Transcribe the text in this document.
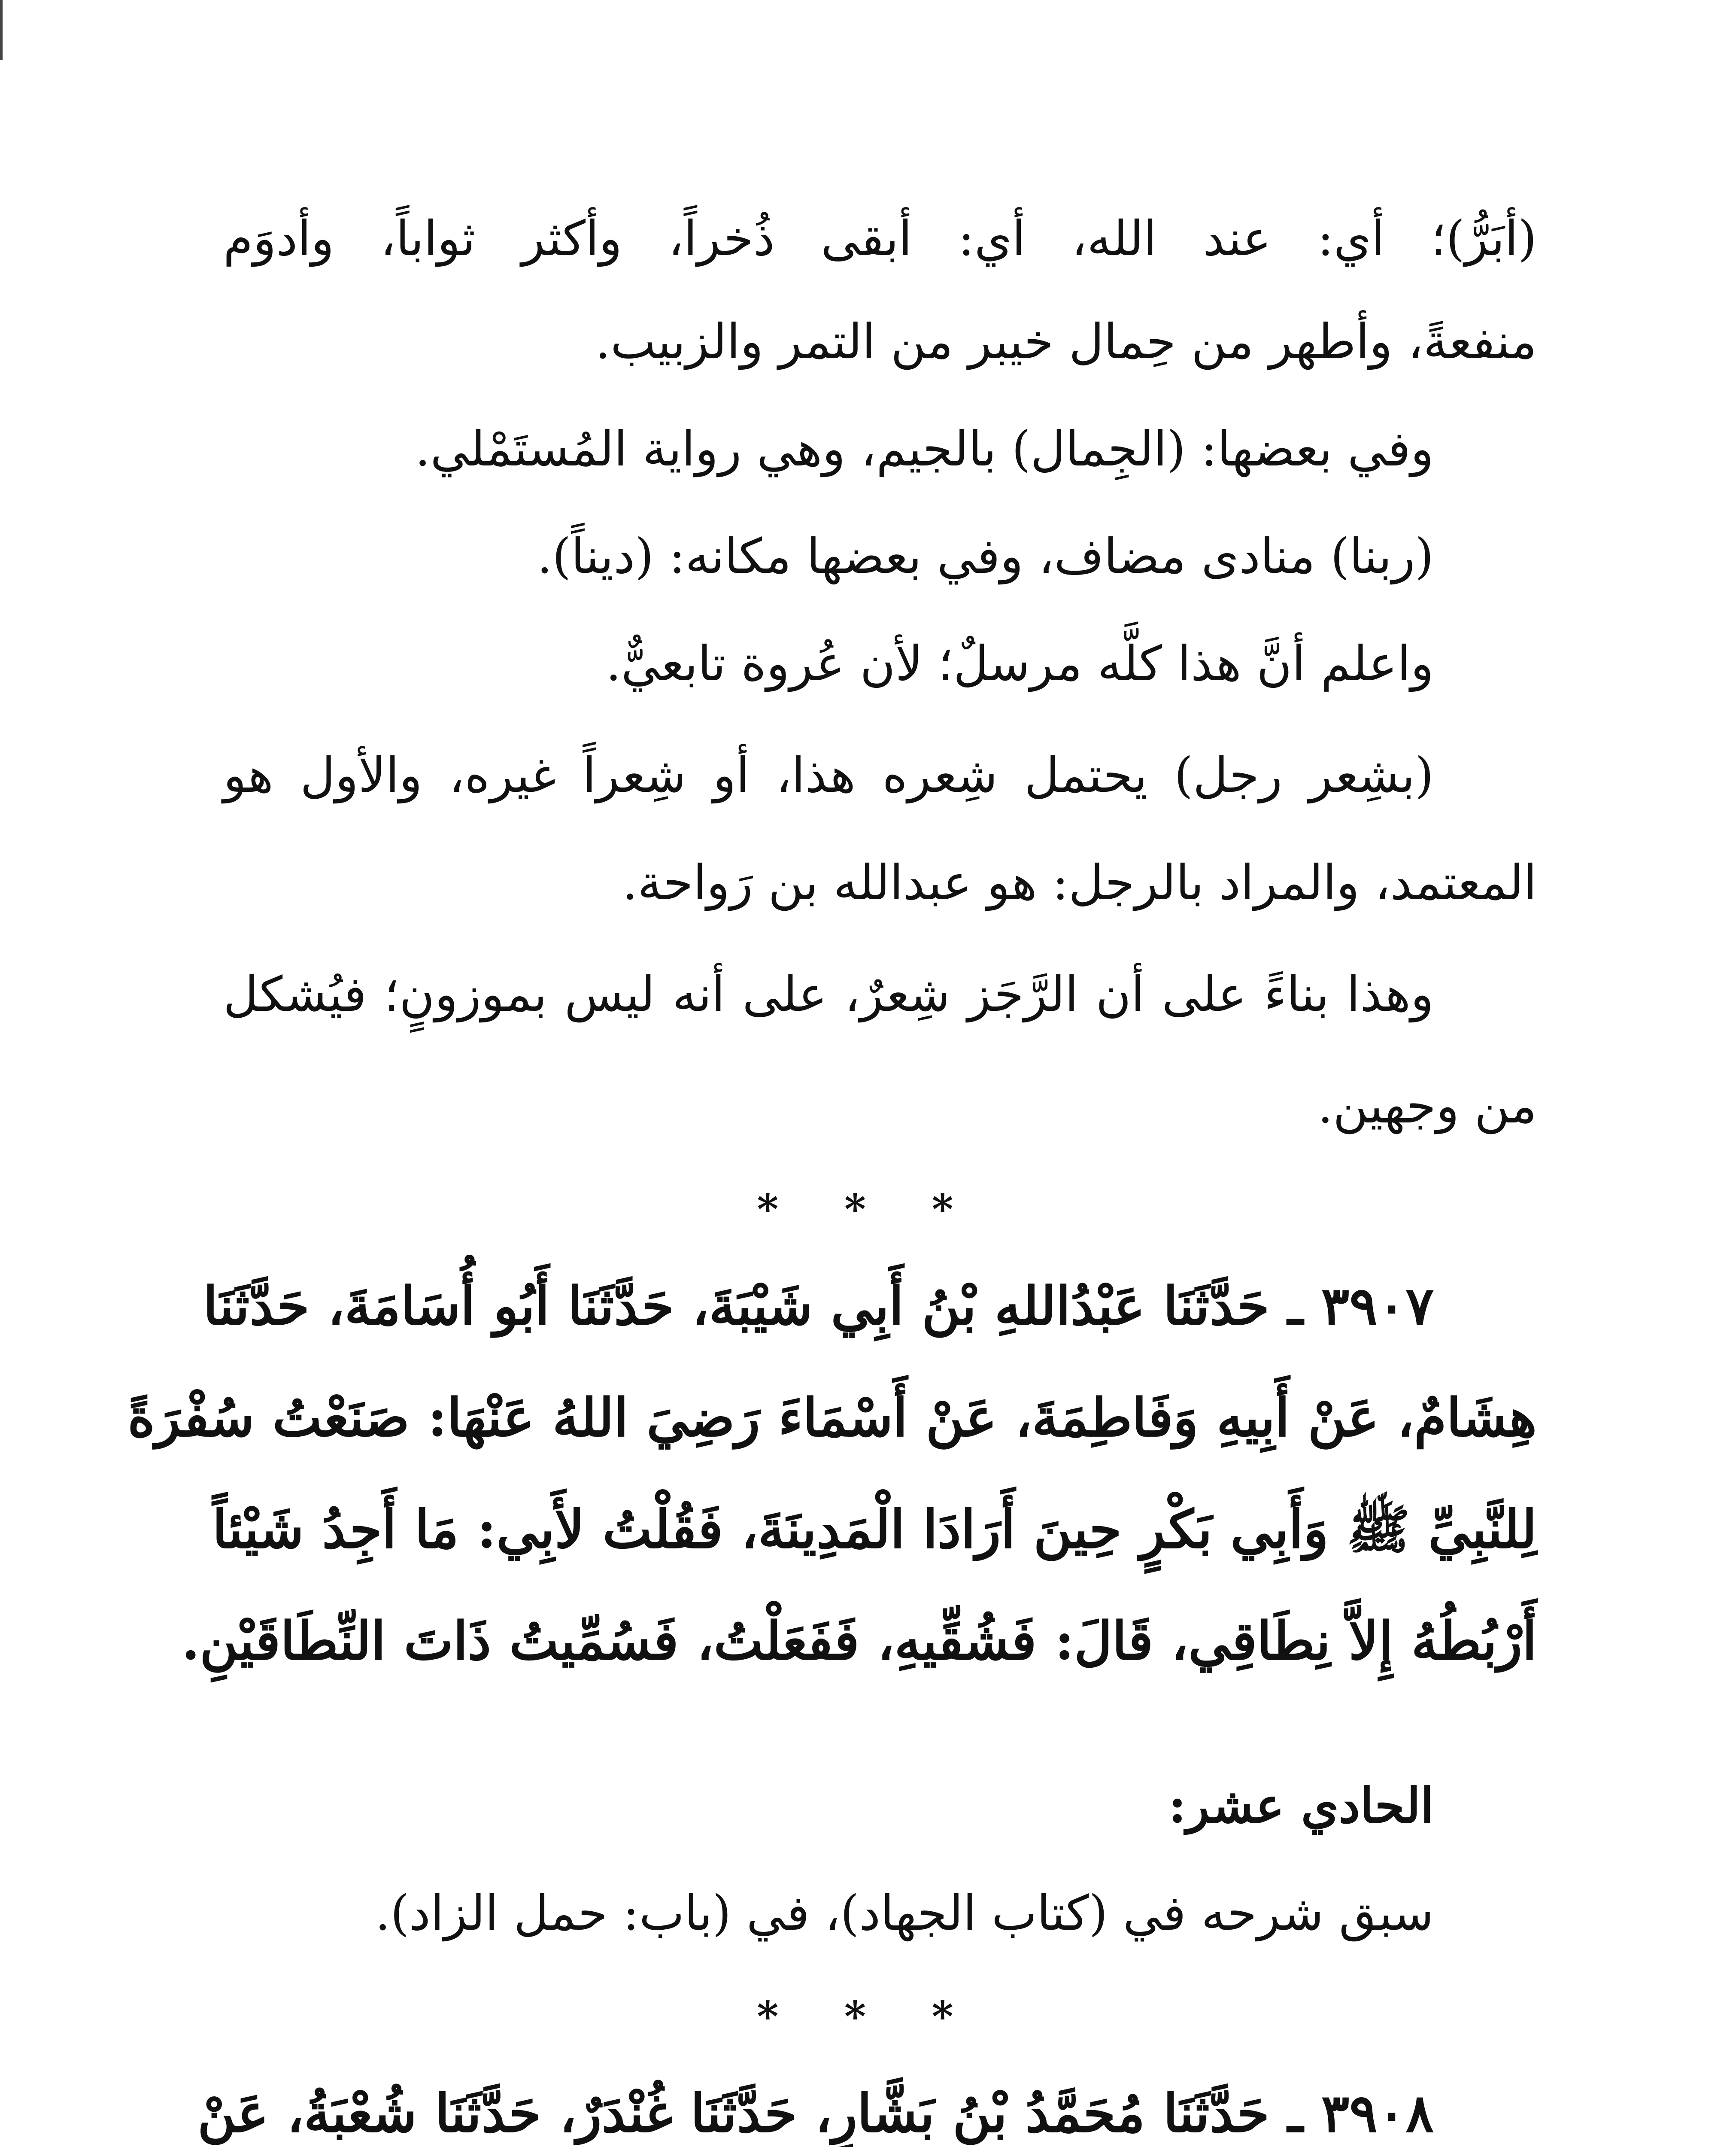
(أبَرُّ)؛ أي: عند الله، أي: أبقى ذُخراً، وأكثر ثواباً، وأدوَم
منفعةً، وأطهر من حِمال خيبر من التمر والزبيب.
وفي بعضها: (الجِمال) بالجيم، وهي رواية المُستَمْلي.
(ربنا) منادى مضاف، وفي بعضها مكانه: (ديناً).
واعلم أنَّ هذا كلَّه مرسلٌ؛ لأن عُروة تابعيٌّ.
(بشِعر رجل) يحتمل شِعره هذا، أو شِعراً غيره، والأول هو
المعتمد، والمراد بالرجل: هو عبدالله بن رَواحة.
وهذا بناءً على أن الرَّجَز شِعرٌ، على أنه ليس بموزونٍ؛ فيُشكل
من وجهين.
* * *
٣٩٠٧ ـ حَدَّثَنَا عَبْدُاللهِ بْنُ أَبِي شَيْبَةَ، حَدَّثَنَا أَبُو أُسَامَةَ، حَدَّثَنَا
هِشَامٌ، عَنْ أَبِيهِ وَفَاطِمَةَ، عَنْ أَسْمَاءَ رَضِيَ اللهُ عَنْهَا: صَنَعْتُ سُفْرَةً
لِلنَّبِيِّ ﷺ وَأَبِي بَكْرٍ حِينَ أَرَادَا الْمَدِينَةَ، فَقُلْتُ لأَبِي: مَا أَجِدُ شَيْئاً
أَرْبُطُهُ إِلاَّ نِطَاقِي، قَالَ: فَشُقِّيهِ، فَفَعَلْتُ، فَسُمِّيتُ ذَاتَ النِّطَاقَيْنِ.
الحادي عشر:
سبق شرحه في (كتاب الجهاد)، في (باب: حمل الزاد).
* * *
٣٩٠٨ ـ حَدَّثَنَا مُحَمَّدُ بْنُ بَشَّارٍ، حَدَّثَنَا غُنْدَرٌ، حَدَّثَنَا شُعْبَةُ، عَنْ
